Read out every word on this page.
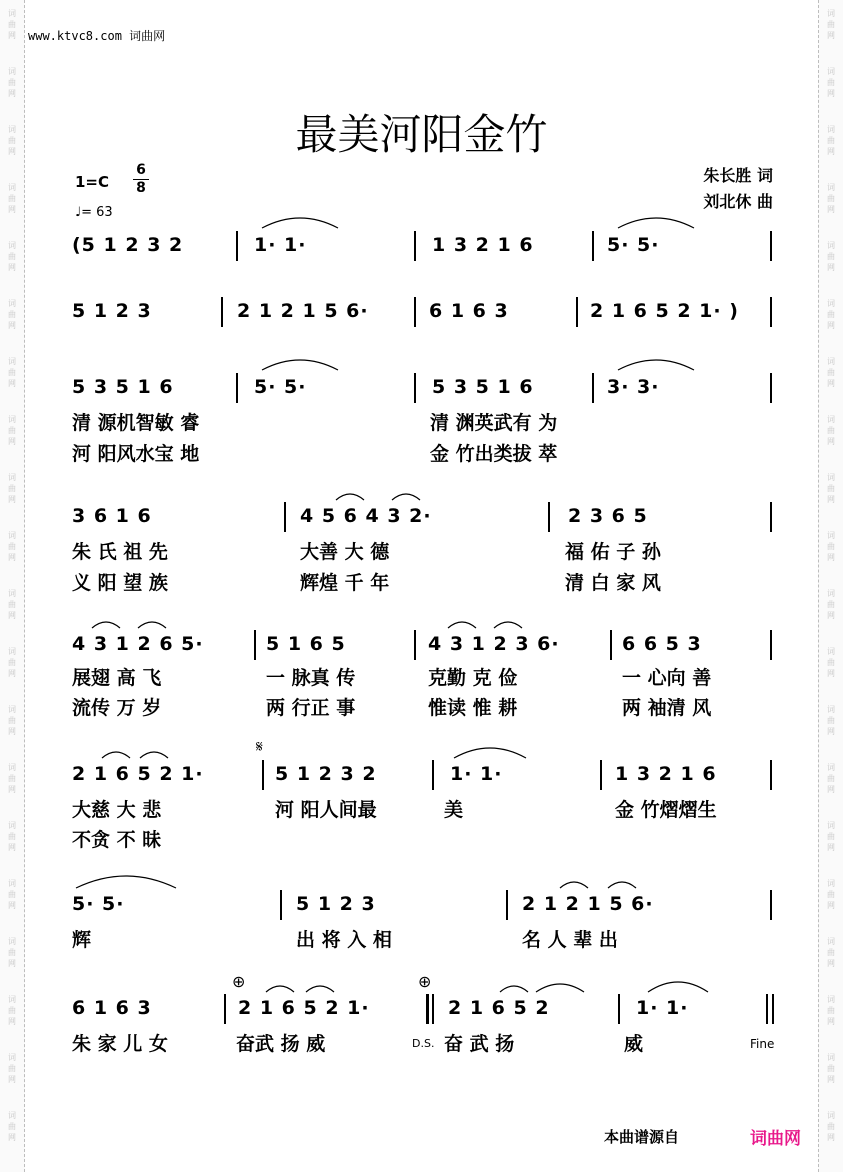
词
曲
网
词
曲
网
词
曲
网
词
曲
网
词
曲
网
词
曲
网
词
曲
网
词
曲
网
词
曲
网
词
曲
网
词
曲
网
词
曲
网
词
曲
网
词
曲
网
词
曲
网
词
曲
网
词
曲
网
词
曲
网
词
曲
网
词
曲
网
词
曲
网
词
曲
网
词
曲
网
词
曲
网
词
曲
网
词
曲
网
词
曲
网
词
曲
网
词
曲
网
词
曲
网
词
曲
网
词
曲
网
词
曲
网
词
曲
网
词
曲
网
词
曲
网
词
曲
网
词
曲
网
词
曲
网
词
曲
网
www.ktvc8.com 词曲网
最美河阳金竹
1=C
6
8
♩= 63
朱长胜 词
刘北休 曲
(5 1 2 3 2	1· 1·	1 3 2 1 6	5· 5·
5 1 2 3	2 1 2 1 5 6·	6 1 6 3	2 1 6 5 2 1· )
5 3 5 1 6	5· 5·	5 3 5 1 6	3· 3·
清 源机智敏 睿	清 渊英武有 为
河 阳风水宝 地	金 竹出类拔 萃
3 6 1 6	4 5 6 4 3 2·	2 3 6 5
朱 氏 祖 先	大善 大 德	福 佑 子 孙
义 阳 望 族	辉煌 千 年	清 白 家 风
4 3 1 2 6 5·	5 1 6 5	4 3 1 2 3 6·	6 6 5 3
展翅 高 飞	一 脉真 传	克勤 克 俭	一 心向 善
流传 万 岁	两 行正 事	惟读 惟 耕	两 袖清 风
𝄋
2 1 6 5 2 1·	5 1 2 3 2	1· 1·	1 3 2 1 6
大慈 大 悲	河 阳人间最	美	金 竹熠熠生
不贪 不 昧
5· 5·	5 1 2 3	2 1 2 1 5 6·
辉	出 将 入 相	名 人 辈 出
⊕	⊕
6 1 6 3	2 1 6 5 2 1·	2 1 6 5 2	1· 1·
朱 家 儿 女	奋武 扬 威	D.S. 奋 武 扬	威	Fine
本曲谱源自	词曲网
